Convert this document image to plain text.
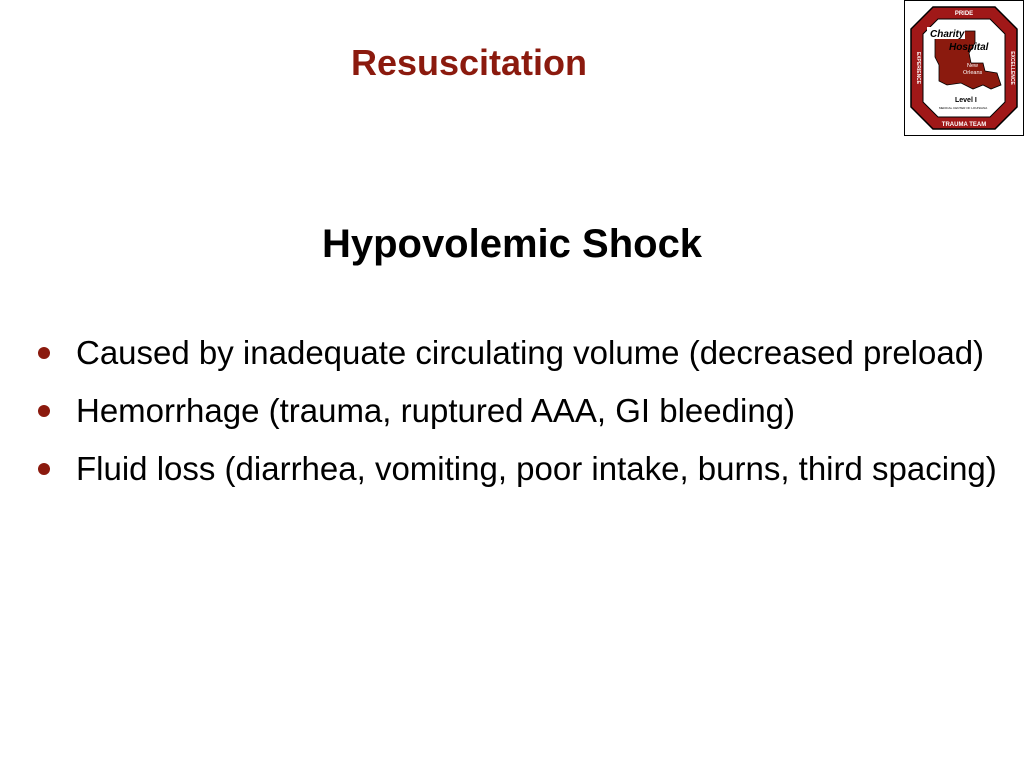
Resuscitation
Charity
Hospital
New
Orleans
Level I
MEDICAL CENTER OF LOUISIANA
PRIDE
TRAUMA TEAM
EXPERIENCE	EXCELLENCE
Hypovolemic Shock
Caused by inadequate circulating volume (decreased preload)
Hemorrhage (trauma, ruptured AAA, GI bleeding)
Fluid loss (diarrhea, vomiting, poor intake, burns, third spacing)
